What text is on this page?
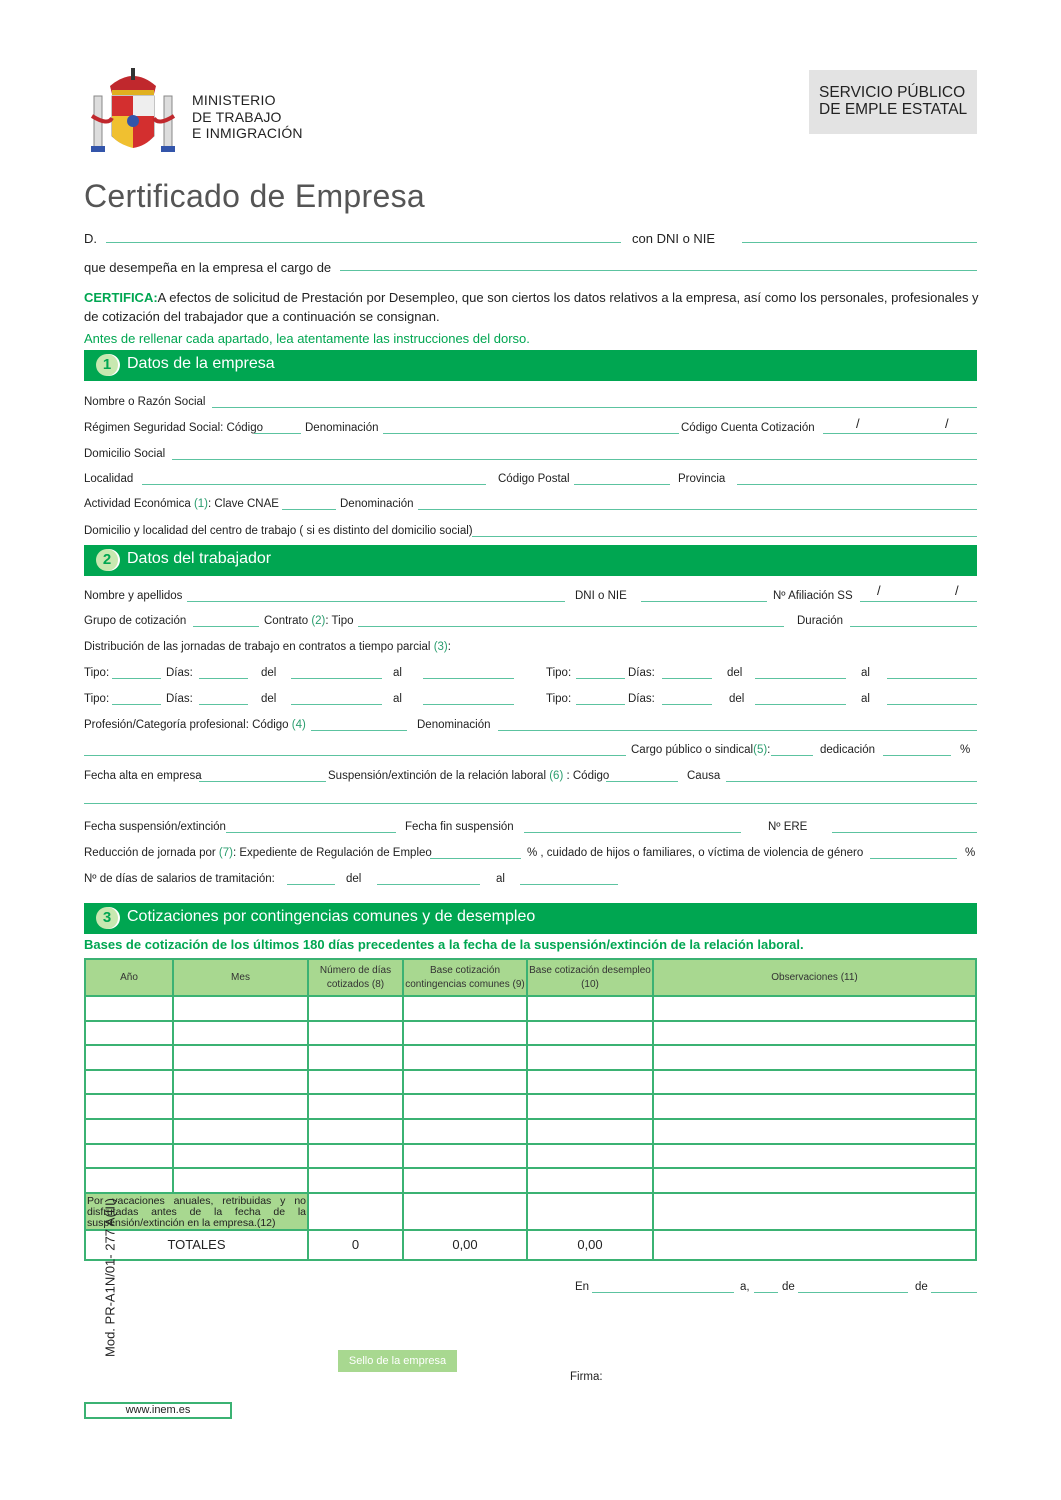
MINISTERIO
DE TRABAJO
E INMIGRACIÓN
SERVICIO PÚBLICO
DE EMPLE ESTATAL
Certificado de Empresa
D.	con DNI o NIE
que desempeña en la empresa el cargo de
CERTIFICA:A efectos de solicitud de Prestación por Desempleo, que son ciertos los datos relativos a la empresa, así como los personales, profesionales y de cotización del trabajador que a continuación se consignan.
Antes de rellenar cada apartado, lea atentamente las instrucciones del dorso.
1 Datos de la empresa
Nombre o Razón Social
Régimen Seguridad Social: Código	Denominación	Código Cuenta Cotización	/	/
Domicilio Social
Localidad	Código Postal	Provincia
Actividad Económica (1): Clave CNAE	Denominación
Domicilio y localidad del centro de trabajo ( si es distinto del domicilio social)
2 Datos del trabajador
Nombre y apellidos	DNI o NIE	Nº Afiliación SS /	/
Grupo de cotización	Contrato (2): Tipo	Duración
Distribución de las jornadas de trabajo en contratos a tiempo parcial (3):
Tipo:	Días:	del	al	Tipo:	Días:	del	al
Tipo:	Días:	del	al	Tipo:	Días:	del	al
Profesión/Categoría profesional: Código (4)	Denominación
Cargo público o sindical(5):	dedicación	%
Fecha alta en empresa	Suspensión/extinción de la relación laboral (6) : Código	Causa
Fecha suspensión/extinción	Fecha fin suspensión	Nº ERE
Reducción de jornada por (7): Expediente de Regulación de Empleo	% , cuidado de hijos o familiares, o víctima de violencia de género	%
Nº de días de salarios de tramitación:	del	al
3 Cotizaciones por contingencias comunes y de desempleo
Bases de cotización de los últimos 180 días precedentes a la fecha de la suspensión/extinción de la relación laboral.
Año	Mes	Número de días cotizados (8)	Base cotización contingencias comunes (9)	Base cotización desempleo (10)	Observaciones (11)

Por vacaciones anuales, retribuidas y no disfrutadas antes de la fecha de la suspensión/extinción en la empresa.(12)					
TOTALES		0	0,00	0,00	
En	a,	de	de
Mod. PR-A1N/01- 277 A(III)
Sello de la empresa
Firma:
www.inem.es
